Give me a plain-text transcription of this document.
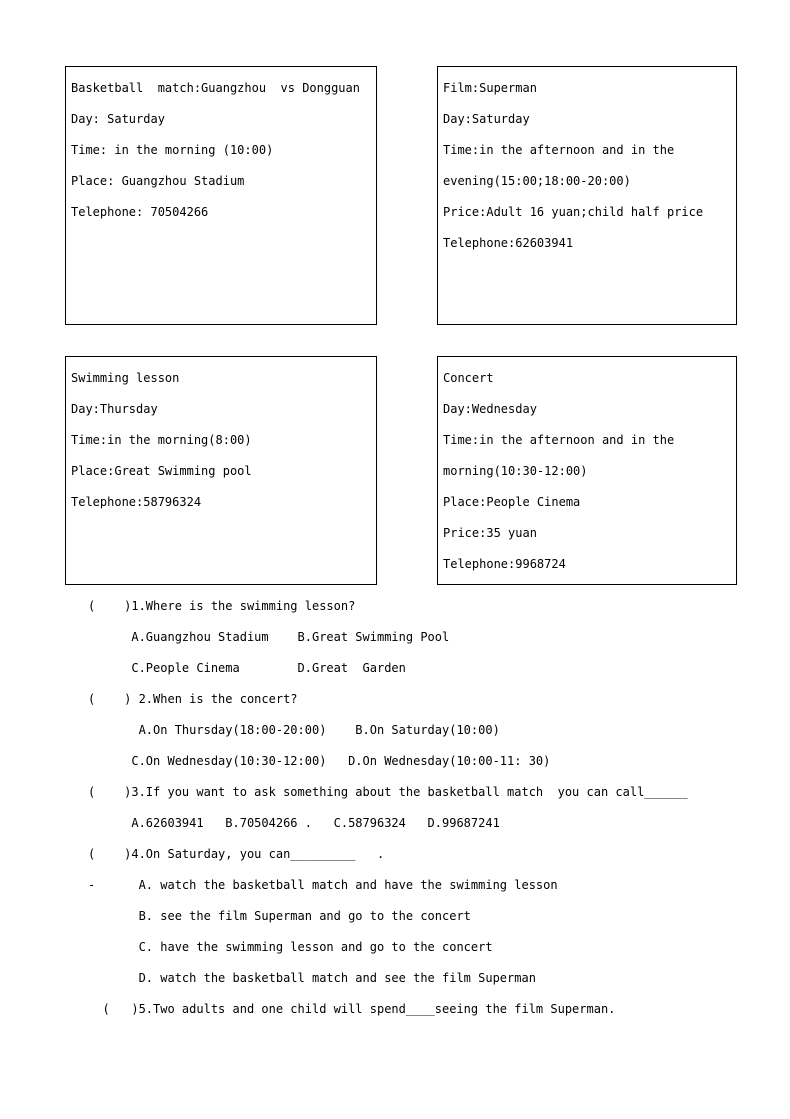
Basketball  match:Guangzhou  vs Dongguan

Day: Saturday

Time: in the morning (10:00)

Place: Guangzhou Stadium

Telephone: 70504266

Film:Superman

Day:Saturday

Time:in the afternoon and in the

evening(15:00;18:00-20:00)

Price:Adult 16 yuan;child half price

Telephone:62603941

Swimming lesson

Day:Thursday

Time:in the morning(8:00)

Place:Great Swimming pool

Telephone:58796324

Concert

Day:Wednesday

Time:in the afternoon and in the

morning(10:30-12:00)

Place:People Cinema

Price:35 yuan

Telephone:9968724

(    )1.Where is the swimming lesson?

A.Guangzhou Stadium    B.Great Swimming Pool

C.People Cinema        D.Great  Garden

(    ) 2.When is the concert?

A.On Thursday(18:00-20:00)    B.On Saturday(10:00)

C.On Wednesday(10:30-12:00)   D.On Wednesday(10:00-11: 30)

(    )3.If you want to ask something about the basketball match  you can call______

A.62603941   B.70504266 .   C.58796324   D.99687241

(    )4.On Saturday, you can_________   .

-      A. watch the basketball match and have the swimming lesson

B. see the film Superman and go to the concert

C. have the swimming lesson and go to the concert

D. watch the basketball match and see the film Superman

(   )5.Two adults and one child will spend____seeing the film Superman.
